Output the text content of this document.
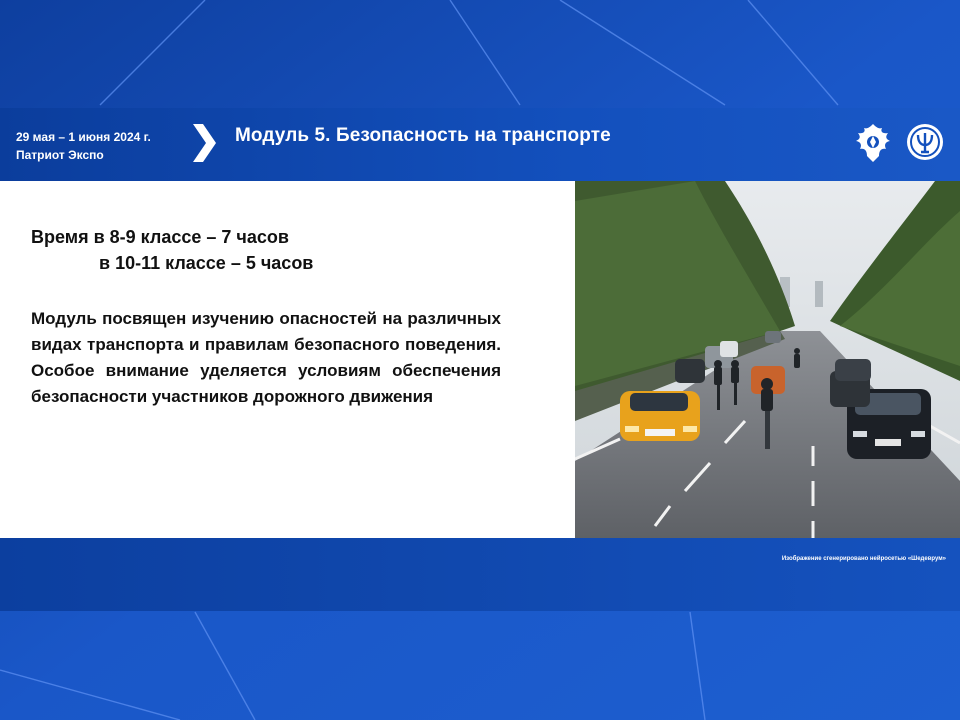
29 мая – 1 июня 2024 г.
Патриот Экспо
Модуль 5. Безопасность на транспорте
Время в 8-9 классе – 7 часов
в 10-11 классе – 5 часов
Модуль посвящен изучению опасностей на различных видах транспорта и правилам безопасного поведения. Особое внимание уделяется условиям обеспечения безопасности участников дорожного движения
Изображение сгенерировано нейросетью «Шедеврум»
